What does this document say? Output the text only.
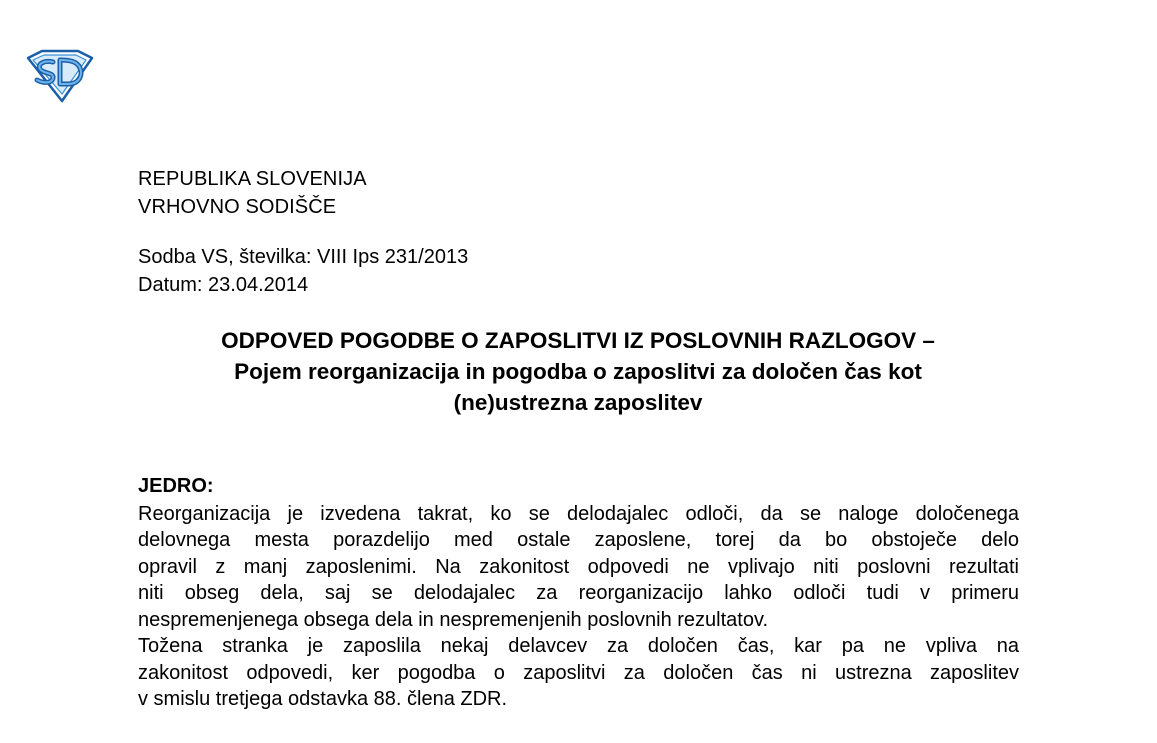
REPUBLIKA SLOVENIJA
VRHOVNO SODIŠČE
Sodba VS, številka: VIII Ips 231/2013
Datum: 23.04.2014
ODPOVED POGODBE O ZAPOSLITVI IZ POSLOVNIH RAZLOGOV –
Pojem reorganizacija in pogodba o zaposlitvi za določen čas kot
(ne)ustrezna zaposlitev
JEDRO:
Reorganizacija je izvedena takrat, ko se delodajalec odloči, da se naloge določenega
delovnega mesta porazdelijo med ostale zaposlene, torej da bo obstoječe delo
opravil z manj zaposlenimi. Na zakonitost odpovedi ne vplivajo niti poslovni rezultati
niti obseg dela, saj se delodajalec za reorganizacijo lahko odloči tudi v primeru
nespremenjenega obsega dela in nespremenjenih poslovnih rezultatov.
Tožena stranka je zaposlila nekaj delavcev za določen čas, kar pa ne vpliva na
zakonitost odpovedi, ker pogodba o zaposlitvi za določen čas ni ustrezna zaposlitev
v smislu tretjega odstavka 88. člena ZDR.
